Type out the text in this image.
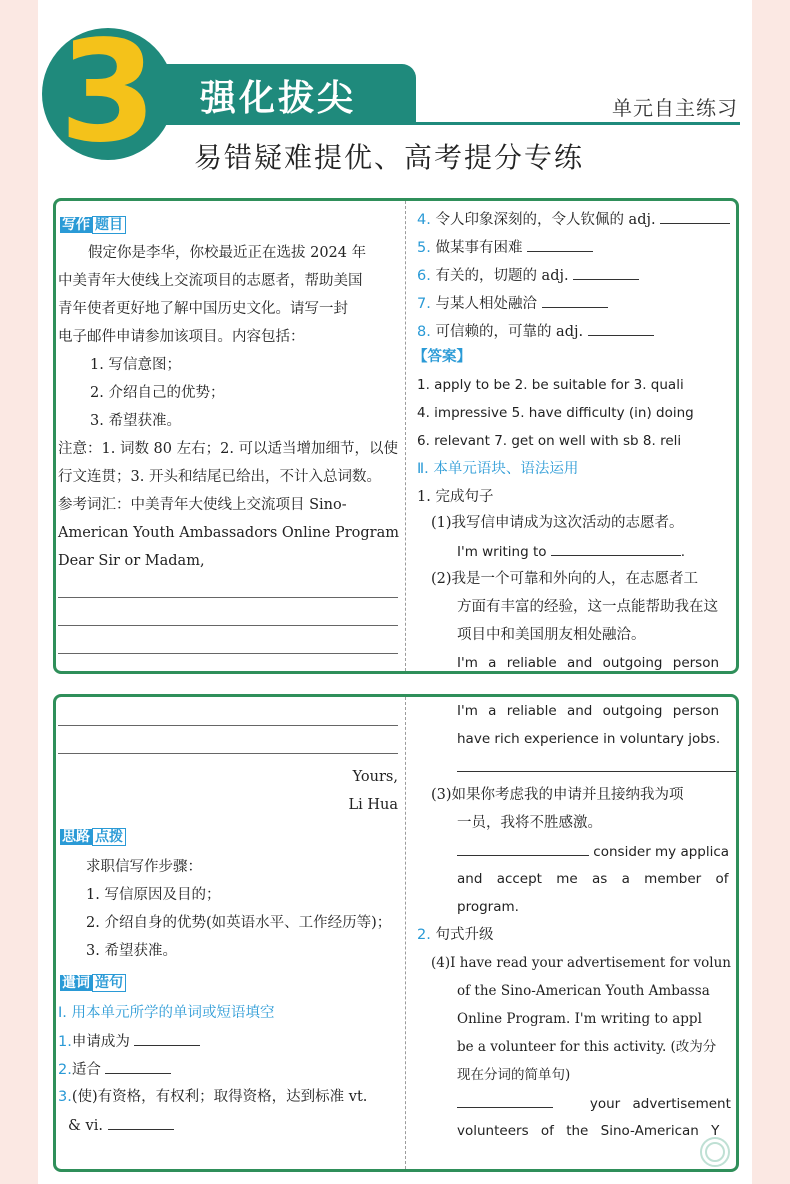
3	强化拔尖	单元自主练习
易错疑难提优、高考提分专练
写作 题目
假定你是李华，你校最近正在选拔 2024 年
中美青年大使线上交流项目的志愿者，帮助美国
青年使者更好地了解中国历史文化。请写一封
电子邮件申请参加该项目。内容包括：
1. 写信意图；
2. 介绍自己的优势；
3. 希望获准。
注意：1. 词数 80 左右；2. 可以适当增加细节，以使
行文连贯；3. 开头和结尾已给出，不计入总词数。
参考词汇：中美青年大使线上交流项目 Sino-
American Youth Ambassadors Online Program
Dear Sir or Madam,
4. 令人印象深刻的，令人钦佩的 adj.
5. 做某事有困难
6. 有关的，切题的 adj.
7. 与某人相处融洽
8. 可信赖的，可靠的 adj.
【答案】
1. apply to be 2. be suitable for 3. quali
4. impressive 5. have difficulty (in) doing
6. relevant 7. get on well with sb 8. reli
Ⅱ. 本单元语块、语法运用
1. 完成句子
(1)我写信申请成为这次活动的志愿者。
I'm writing to	.
(2)我是一个可靠和外向的人，在志愿者工
方面有丰富的经验，这一点能帮助我在这
项目中和美国朋友相处融洽。
I'm a reliable and outgoing person
Yours,
Li Hua
思路 点拨
求职信写作步骤：
1. 写信原因及目的；
2. 介绍自身的优势(如英语水平、工作经历等)；
3. 希望获准。
遣词 造句
Ⅰ. 用本单元所学的单词或短语填空
1.申请成为
2.适合
3.(使)有资格，有权利；取得资格，达到标准 vt.
& vi.
I'm a reliable and outgoing person
have rich experience in voluntary jobs.
(3)如果你考虑我的申请并且接纳我为项
一员，我将不胜感激。
consider my applica
and accept me as a member of
program.
2. 句式升级
(4)I have read your advertisement for volun
of the Sino-American Youth Ambassa
Online Program. I'm writing to appl
be a volunteer for this activity. (改为分
现在分词的简单句)
your advertisement
volunteers of the Sino-American Y
